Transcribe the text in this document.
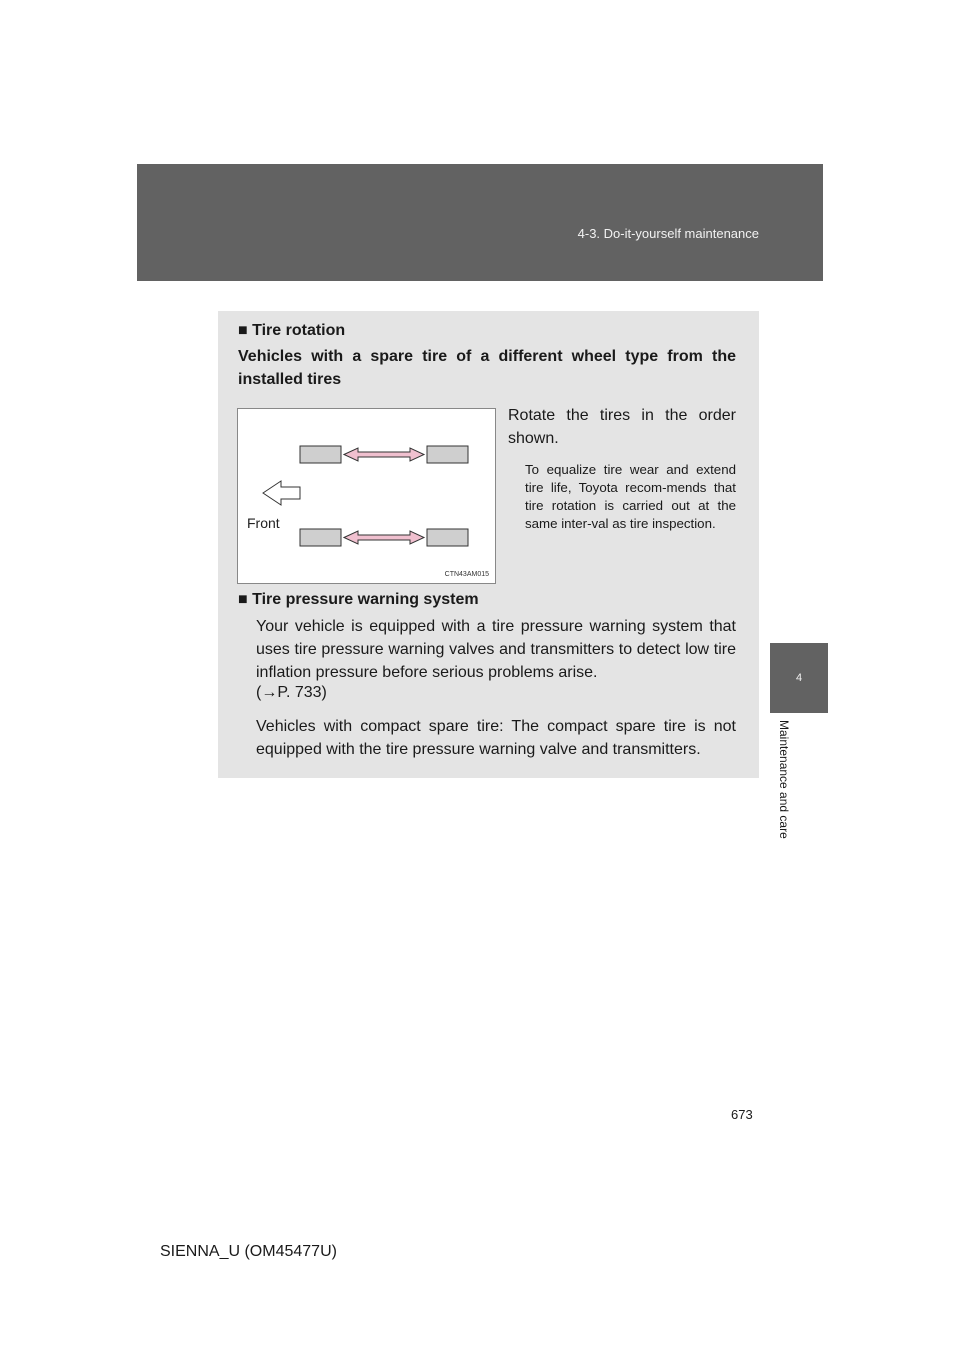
4-3. Do-it-yourself maintenance
4
Maintenance and care
■ Tire rotation
Vehicles with a spare tire of a different wheel type from the installed tires
Front
CTN43AM015
Rotate the tires in the order shown.
To equalize tire wear and extend tire life, Toyota recom-mends that tire rotation is carried out at the same inter-val as tire inspection.
■ Tire pressure warning system
Your vehicle is equipped with a tire pressure warning system that uses tire pressure warning valves and transmitters to detect low tire inflation pressure before serious problems arise.
(→P. 733)
Vehicles with compact spare tire: The compact spare tire is not equipped with the tire pressure warning valve and transmitters.
673
SIENNA_U (OM45477U)
